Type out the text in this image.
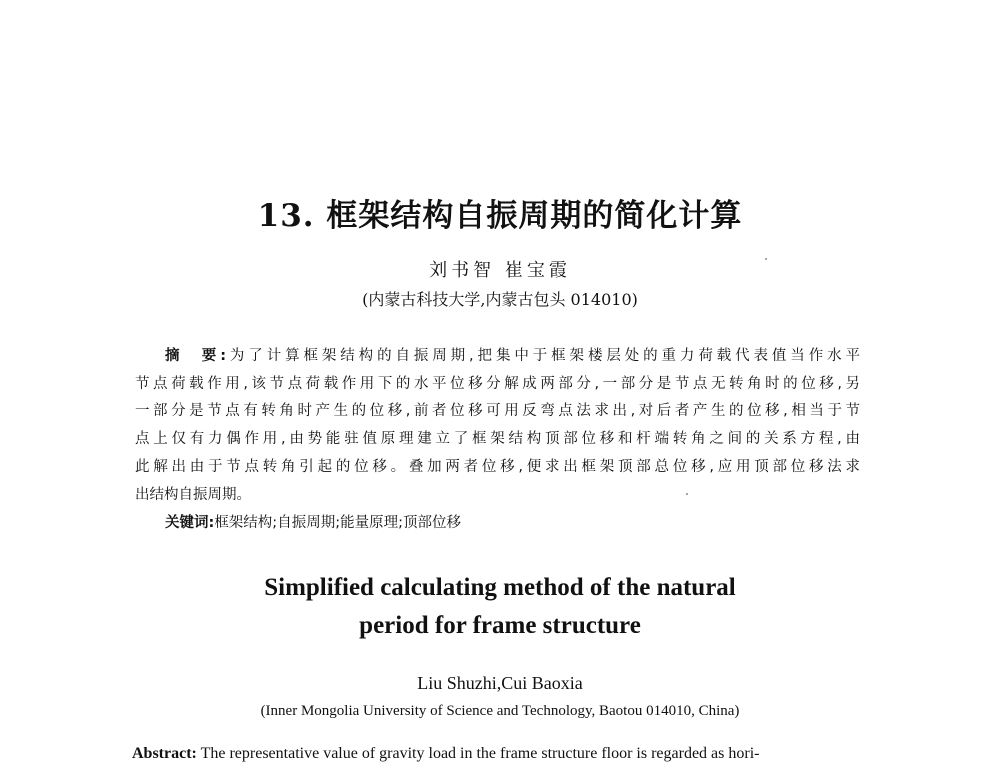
13. 框架结构自振周期的简化计算
刘书智 崔宝霞
(内蒙古科技大学,内蒙古包头 014010)
摘　要:为了计算框架结构的自振周期,把集中于框架楼层处的重力荷载代表值当作水平
节点荷载作用,该节点荷载作用下的水平位移分解成两部分,一部分是节点无转角时的位移,另
一部分是节点有转角时产生的位移,前者位移可用反弯点法求出,对后者产生的位移,相当于节
点上仅有力偶作用,由势能驻值原理建立了框架结构顶部位移和杆端转角之间的关系方程,由
此解出由于节点转角引起的位移。叠加两者位移,便求出框架顶部总位移,应用顶部位移法求
出结构自振周期。
关键词:框架结构;自振周期;能量原理;顶部位移
Simplified calculating method of the natural
period for frame structure
Liu Shuzhi,Cui Baoxia
(Inner Mongolia University of Science and Technology, Baotou 014010, China)
Abstract: The representative value of gravity load in the frame structure floor is regarded as hori-
